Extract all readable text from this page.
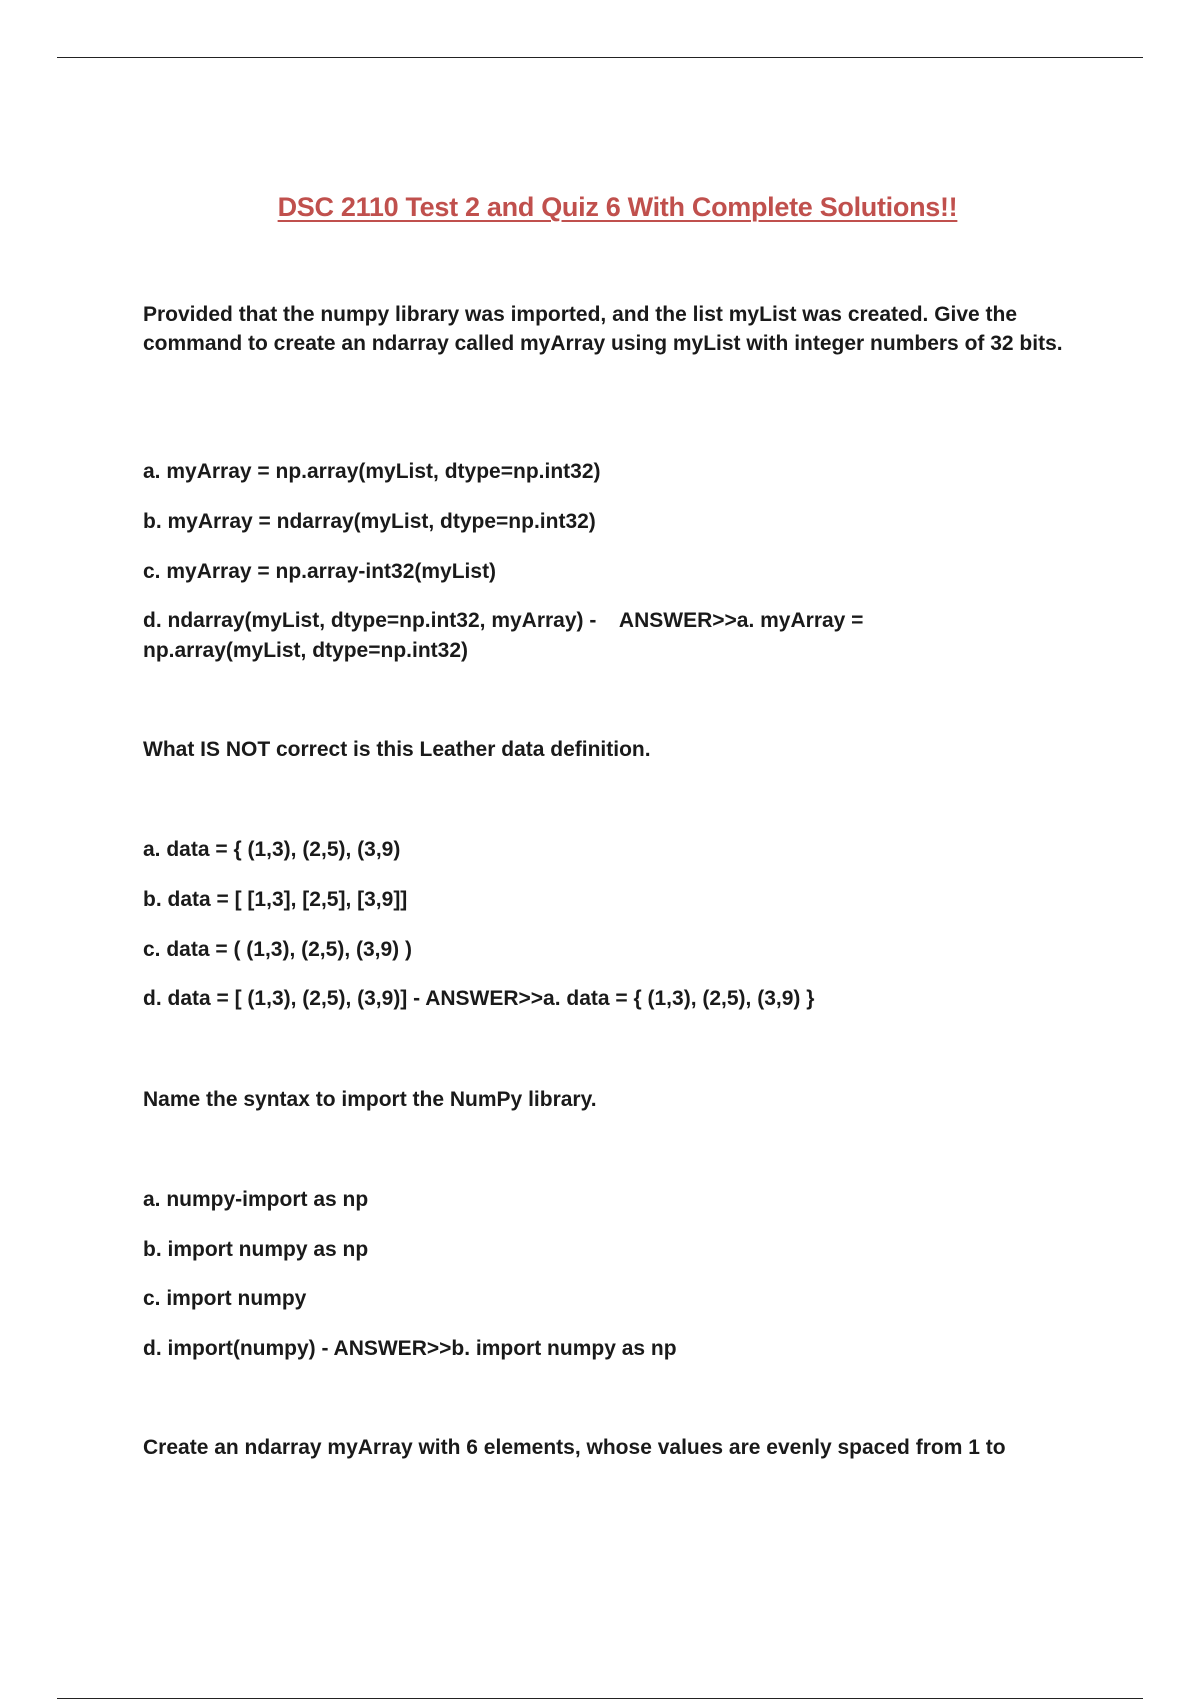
DSC 2110 Test 2 and Quiz 6 With Complete Solutions!!

Provided that the numpy library was imported, and the list myList was created. Give the command to create an ndarray called myArray using myList with integer numbers of 32 bits.

a. myArray = np.array(myList, dtype=np.int32)

b. myArray = ndarray(myList, dtype=np.int32)

c. myArray = np.array-int32(myList)

d. ndarray(myList, dtype=np.int32, myArray) -    ANSWER>>a. myArray =

np.array(myList, dtype=np.int32)

What IS NOT correct is this Leather data definition.

a. data = { (1,3), (2,5), (3,9)

b. data = [ [1,3], [2,5], [3,9]]

c. data = ( (1,3), (2,5), (3,9) )

d. data = [ (1,3), (2,5), (3,9)] - ANSWER>>a. data = { (1,3), (2,5), (3,9) }

Name the syntax to import the NumPy library.

a. numpy-import as np

b. import numpy as np

c. import numpy

d. import(numpy) - ANSWER>>b. import numpy as np

Create an ndarray myArray with 6 elements, whose values are evenly spaced from 1 to
